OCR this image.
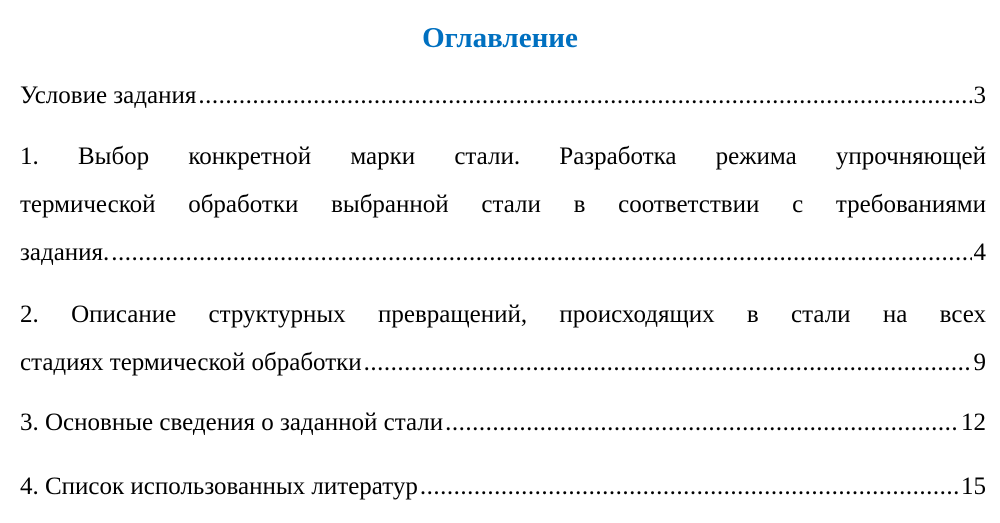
Оглавление
Условие задания .....	3

1. Выбор конкретной марки стали. Разработка режима упрочняющей

термической обработки выбранной стали в соответствии с требованиями

задания. .....	4

2. Описание структурных превращений, происходящих в стали на всех

стадиях термической обработки .....	9
3. Основные сведения о заданной стали .....	12
4. Список использованных литератур .....	15
